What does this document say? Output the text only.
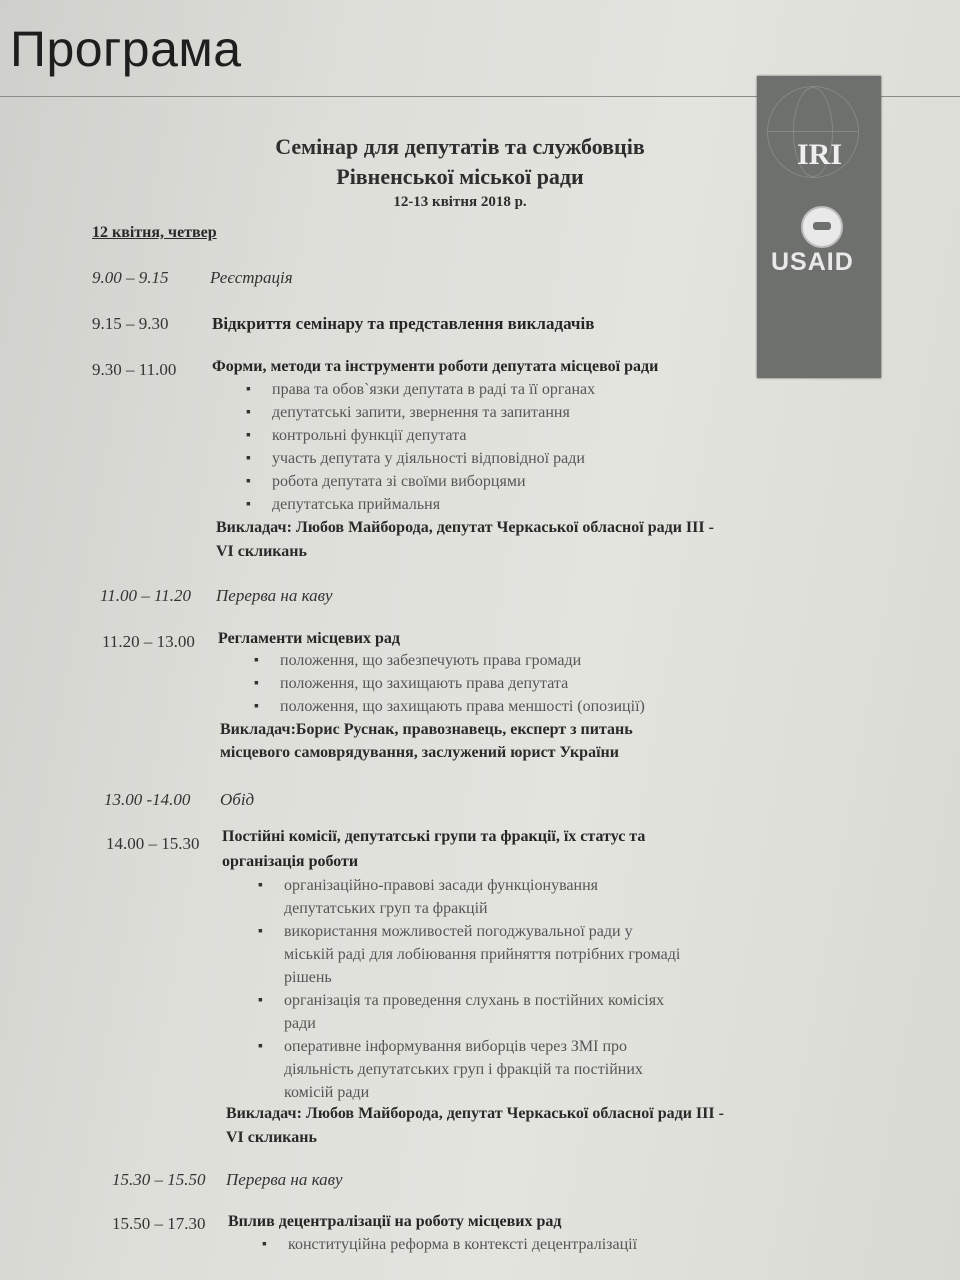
Програма
IRI
USAID
Семінар для депутатів та службовців
Рівненської міської ради
12-13 квітня 2018 р.
12 квітня, четвер
9.00 – 9.15 Реєстрація
9.15 – 9.30	Відкриття семінару та представлення викладачів
9.30 – 11.00 Форми, методи та інструменти роботи депутата місцевої ради
▪ права та обов`язки депутата в раді та її органах
▪ депутатські запити, звернення та запитання
▪ контрольні функції депутата
▪ участь депутата у діяльності відповідної ради
▪ робота депутата зі своїми виборцями
▪ депутатська приймальня
Викладач: Любов Майборода, депутат Черкаської обласної ради III -
VI скликань
11.00 – 11.20 Перерва на каву
11.20 – 13.00 Регламенти місцевих рад
▪ положення, що забезпечують права громади
▪ положення, що захищають права депутата
▪ положення, що захищають права меншості (опозиції)
Викладач:Борис Руснак, правознавець, експерт з питань
місцевого самоврядування, заслужений юрист України
13.00 -14.00 Обід
14.00 – 15.30 Постійні комісії, депутатські групи та фракції, їх статус та
організація роботи
▪ організаційно-правові засади функціонування
депутатських груп та фракцій
▪ використання можливостей погоджувальної ради у
міській раді для лобіювання прийняття потрібних громаді
рішень
▪ організація та проведення слухань в постійних комісіях
ради
▪ оперативне інформування виборців через ЗМІ про
діяльність депутатських груп і фракцій та постійних
комісій ради
Викладач: Любов Майборода, депутат Черкаської обласної ради III -
VI скликань
15.30 – 15.50 Перерва на каву
15.50 – 17.30 Вплив децентралізації на роботу місцевих рад
▪ конституційна реформа в контексті децентралізації
